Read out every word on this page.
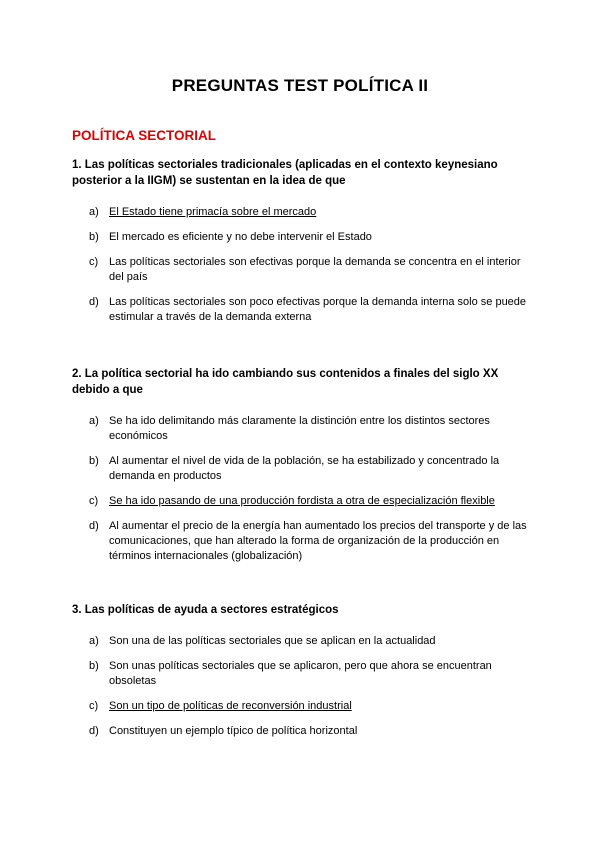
PREGUNTAS TEST POLÍTICA II
POLÍTICA SECTORIAL

1. Las políticas sectoriales tradicionales (aplicadas en el contexto keynesiano posterior a la IIGM) se sustentan en la idea de que

a) El Estado tiene primacía sobre el mercado
b) El mercado es eficiente y no debe intervenir el Estado
c) Las políticas sectoriales son efectivas porque la demanda se concentra en el interior del país
d) Las políticas sectoriales son poco efectivas porque la demanda interna solo se puede estimular a través de la demanda externa

2. La política sectorial ha ido cambiando sus contenidos a finales del siglo XX debido a que

a) Se ha ido delimitando más claramente la distinción entre los distintos sectores económicos
b) Al aumentar el nivel de vida de la población, se ha estabilizado y concentrado la demanda en productos
c) Se ha ido pasando de una producción fordista a otra de especialización flexible
d) Al aumentar el precio de la energía han aumentado los precios del transporte y de las comunicaciones, que han alterado la forma de organización de la producción en términos internacionales (globalización)

3. Las políticas de ayuda a sectores estratégicos

a) Son una de las políticas sectoriales que se aplican en la actualidad
b) Son unas políticas sectoriales que se aplicaron, pero que ahora se encuentran obsoletas
c) Son un tipo de políticas de reconversión industrial
d) Constituyen un ejemplo típico de política horizontal
